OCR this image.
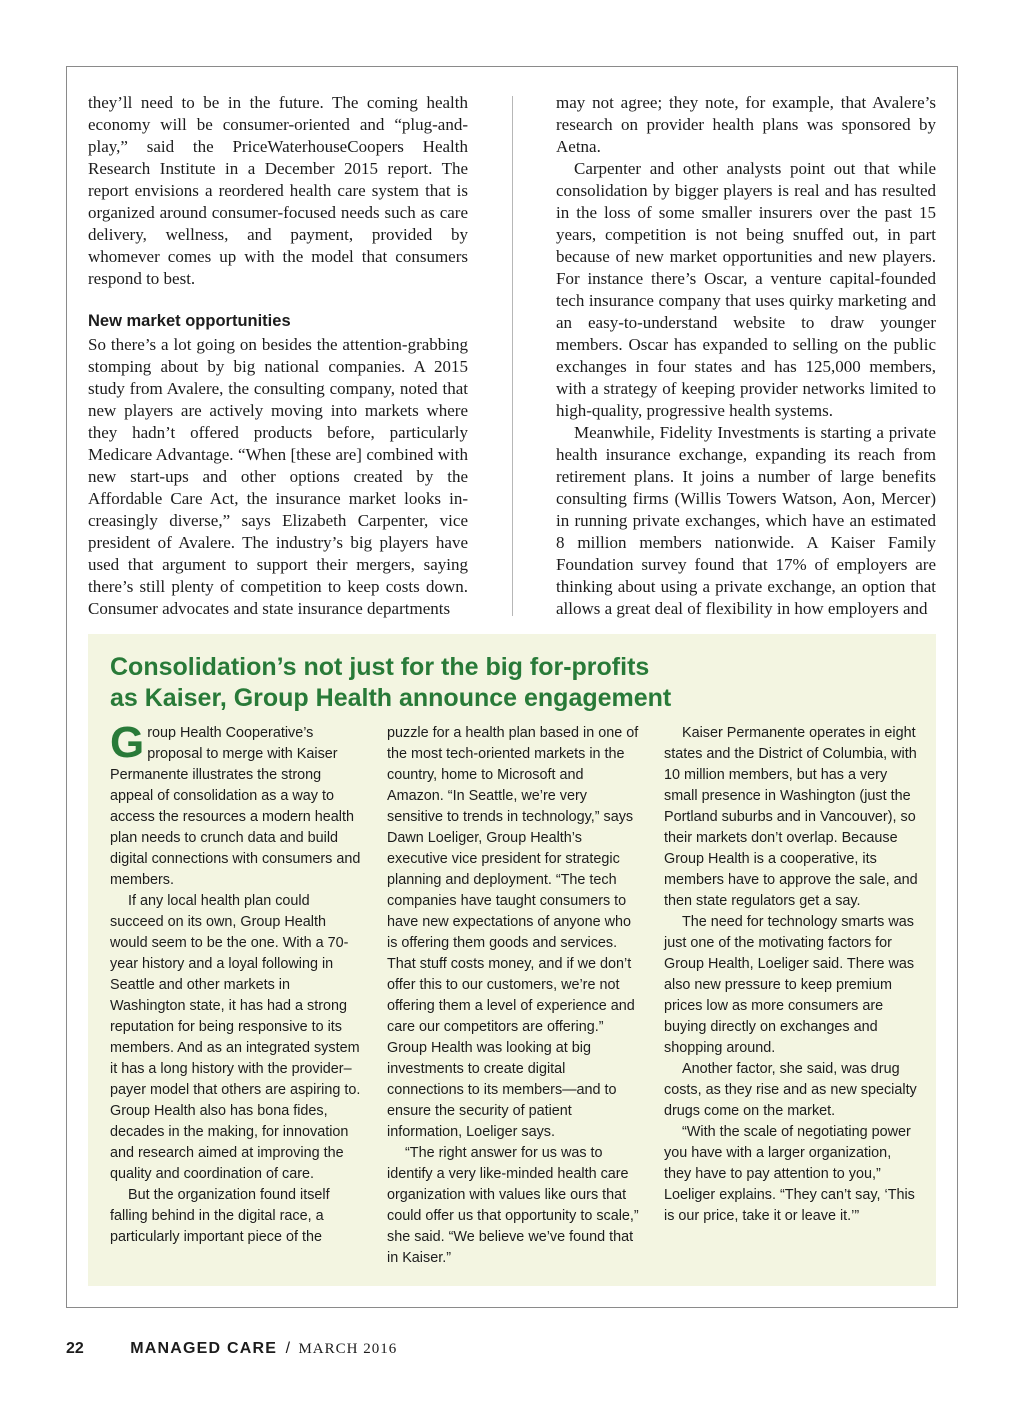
they’ll need to be in the future. The coming health economy will be consumer-oriented and “plug-and-play,” said the PriceWaterhouseCoopers Health Research Institute in a December 2015 report. The report envisions a reordered health care system that is organized around consumer-focused needs such as care delivery, wellness, and payment, provided by whomever comes up with the model that consumers respond to best.

New market opportunities

So there’s a lot going on besides the attention-grabbing stomping about by big national companies. A 2015 study from Avalere, the consulting company, noted that new players are actively moving into markets where they hadn’t offered products before, particularly Medicare Advantage. “When [these are] combined with new start-ups and other options created by the Affordable Care Act, the insurance market looks increasingly diverse,” says Elizabeth Carpenter, vice president of Avalere. The industry’s big players have used that argument to support their mergers, saying there’s still plenty of competition to keep costs down. Consumer advocates and state insurance departments

may not agree; they note, for example, that Avalere’s research on provider health plans was sponsored by Aetna.

Carpenter and other analysts point out that while consolidation by bigger players is real and has resulted in the loss of some smaller insurers over the past 15 years, competition is not being snuffed out, in part because of new market opportunities and new players. For instance there’s Oscar, a venture capital-founded tech insurance company that uses quirky marketing and an easy-to-understand website to draw younger members. Oscar has expanded to selling on the public exchanges in four states and has 125,000 members, with a strategy of keeping provider networks limited to high-quality, progressive health systems.

Meanwhile, Fidelity Investments is starting a private health insurance exchange, expanding its reach from retirement plans. It joins a number of large benefits consulting firms (Willis Towers Watson, Aon, Mercer) in running private exchanges, which have an estimated 8 million members nationwide. A Kaiser Family Foundation survey found that 17% of employers are thinking about using a private exchange, an option that allows a great deal of flexibility in how employers and

Consolidation’s not just for the big for-profits
as Kaiser, Group Health announce engagement

Group Health Cooperative’s proposal to merge with Kaiser Permanente illustrates the strong appeal of consolidation as a way to access the resources a modern health plan needs to crunch data and build digital connections with consumers and members.

If any local health plan could succeed on its own, Group Health would seem to be the one. With a 70-year history and a loyal following in Seattle and other markets in Washington state, it has had a strong reputation for being responsive to its members. And as an integrated system it has a long history with the provider–payer model that others are aspiring to. Group Health also has bona fides, decades in the making, for innovation and research aimed at improving the quality and coordination of care.

But the organization found itself falling behind in the digital race, a particularly important piece of the

puzzle for a health plan based in one of the most tech-oriented markets in the country, home to Microsoft and Amazon. “In Seattle, we’re very sensitive to trends in technology,” says Dawn Loeliger, Group Health’s executive vice president for strategic planning and deployment. “The tech companies have taught consumers to have new expectations of anyone who is offering them goods and services. That stuff costs money, and if we don’t offer this to our customers, we’re not offering them a level of experience and care our competitors are offering.” Group Health was looking at big investments to create digital connections to its members—and to ensure the security of patient information, Loeliger says.

“The right answer for us was to identify a very like-minded health care organization with values like ours that could offer us that opportunity to scale,” she said. “We believe we’ve found that in Kaiser.”

Kaiser Permanente operates in eight states and the District of Columbia, with 10 million members, but has a very small presence in Washington (just the Portland suburbs and in Vancouver), so their markets don’t overlap. Because Group Health is a cooperative, its members have to approve the sale, and then state regulators get a say.

The need for technology smarts was just one of the motivating factors for Group Health, Loeliger said. There was also new pressure to keep premium prices low as more consumers are buying directly on exchanges and shopping around.

Another factor, she said, was drug costs, as they rise and as new specialty drugs come on the market.

“With the scale of negotiating power you have with a larger organization, they have to pay attention to you,” Loeliger explains. “They can’t say, ‘This is our price, take it or leave it.’”

22	MANAGED CARE / MARCH 2016
